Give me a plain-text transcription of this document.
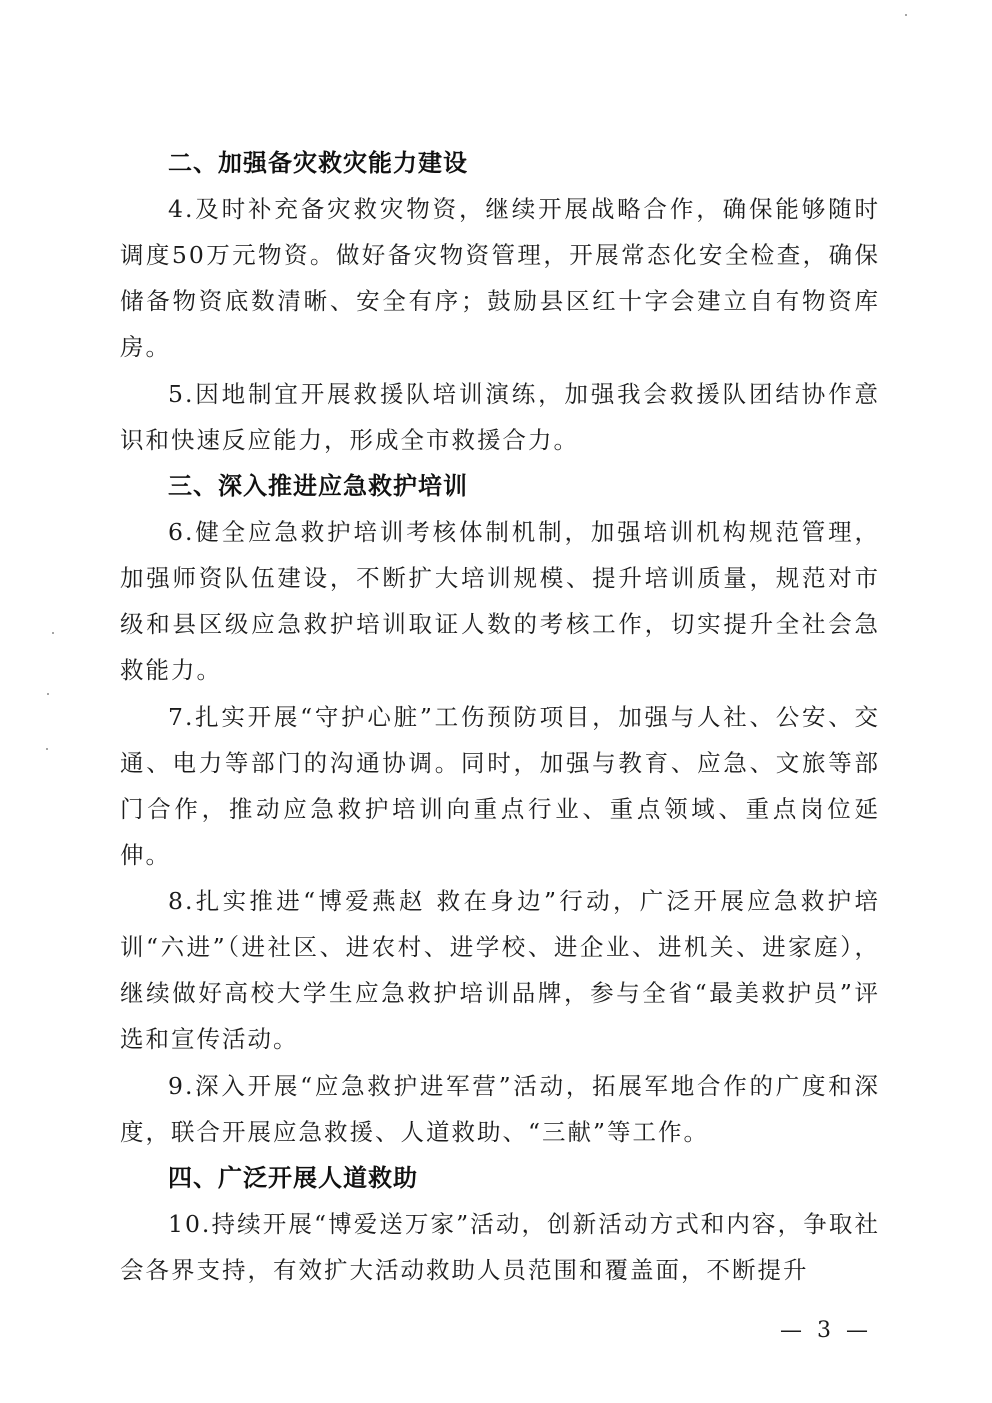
二、加强备灾救灾能力建设

4.及时补充备灾救灾物资，继续开展战略合作，确保能够随时调度50万元物资。做好备灾物资管理，开展常态化安全检查，确保储备物资底数清晰、安全有序；鼓励县区红十字会建立自有物资库房。

5.因地制宜开展救援队培训演练，加强我会救援队团结协作意识和快速反应能力，形成全市救援合力。

三、深入推进应急救护培训

6.健全应急救护培训考核体制机制，加强培训机构规范管理，加强师资队伍建设，不断扩大培训规模、提升培训质量，规范对市级和县区级应急救护培训取证人数的考核工作，切实提升全社会急救能力。

7.扎实开展“守护心脏”工伤预防项目，加强与人社、公安、交通、电力等部门的沟通协调。同时，加强与教育、应急、文旅等部门合作，推动应急救护培训向重点行业、重点领域、重点岗位延伸。

8.扎实推进“博爱燕赵 救在身边”行动，广泛开展应急救护培训“六进”（进社区、进农村、进学校、进企业、进机关、进家庭），继续做好高校大学生应急救护培训品牌，参与全省“最美救护员”评选和宣传活动。

9.深入开展“应急救护进军营”活动，拓展军地合作的广度和深度，联合开展应急救援、人道救助、“三献”等工作。

四、广泛开展人道救助

10.持续开展“博爱送万家”活动，创新活动方式和内容，争取社会各界支持，有效扩大活动救助人员范围和覆盖面，不断提升

— 3 —
